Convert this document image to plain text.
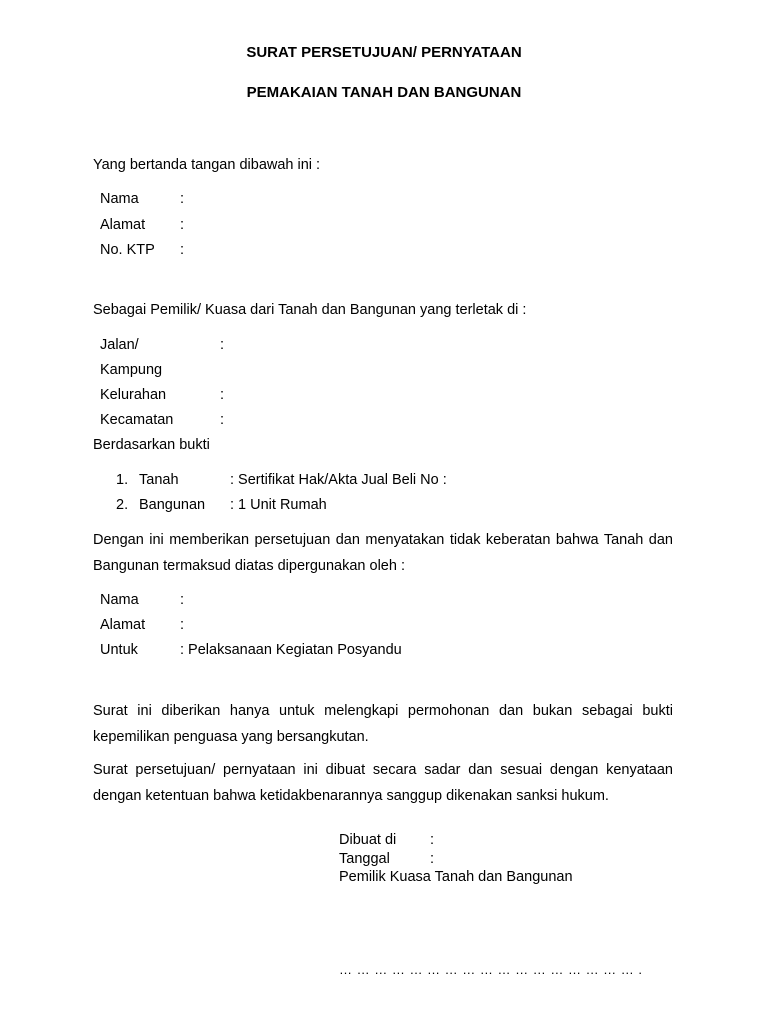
SURAT PERSETUJUAN/ PERNYATAAN
PEMAKAIAN TANAH DAN BANGUNAN
Yang bertanda tangan dibawah ini :
Nama	:
Alamat :
No. KTP :
Sebagai Pemilik/ Kuasa dari Tanah dan Bangunan yang terletak di :
Jalan/	:
Kampung
Kelurahan	:
Kecamatan	:
Berdasarkan bukti
1. Tanah	: Sertifikat Hak/Akta Jual Beli No :
2. Bangunan : 1 Unit Rumah
Dengan ini memberikan persetujuan dan menyatakan tidak keberatan bahwa Tanah dan Bangunan termaksud diatas dipergunakan oleh :
Nama	:
Alamat :
Untuk	: Pelaksanaan Kegiatan Posyandu
Surat ini diberikan hanya untuk melengkapi permohonan dan bukan sebagai bukti kepemilikan penguasa yang bersangkutan.
Surat persetujuan/ pernyataan ini dibuat secara sadar dan sesuai dengan kenyataan dengan ketentuan bahwa ketidakbenarannya sanggup dikenakan sanksi hukum.
Dibuat di :
Tanggal	:
Pemilik Kuasa Tanah dan Bangunan
… … … … … … … … … … … … … … … … … .
